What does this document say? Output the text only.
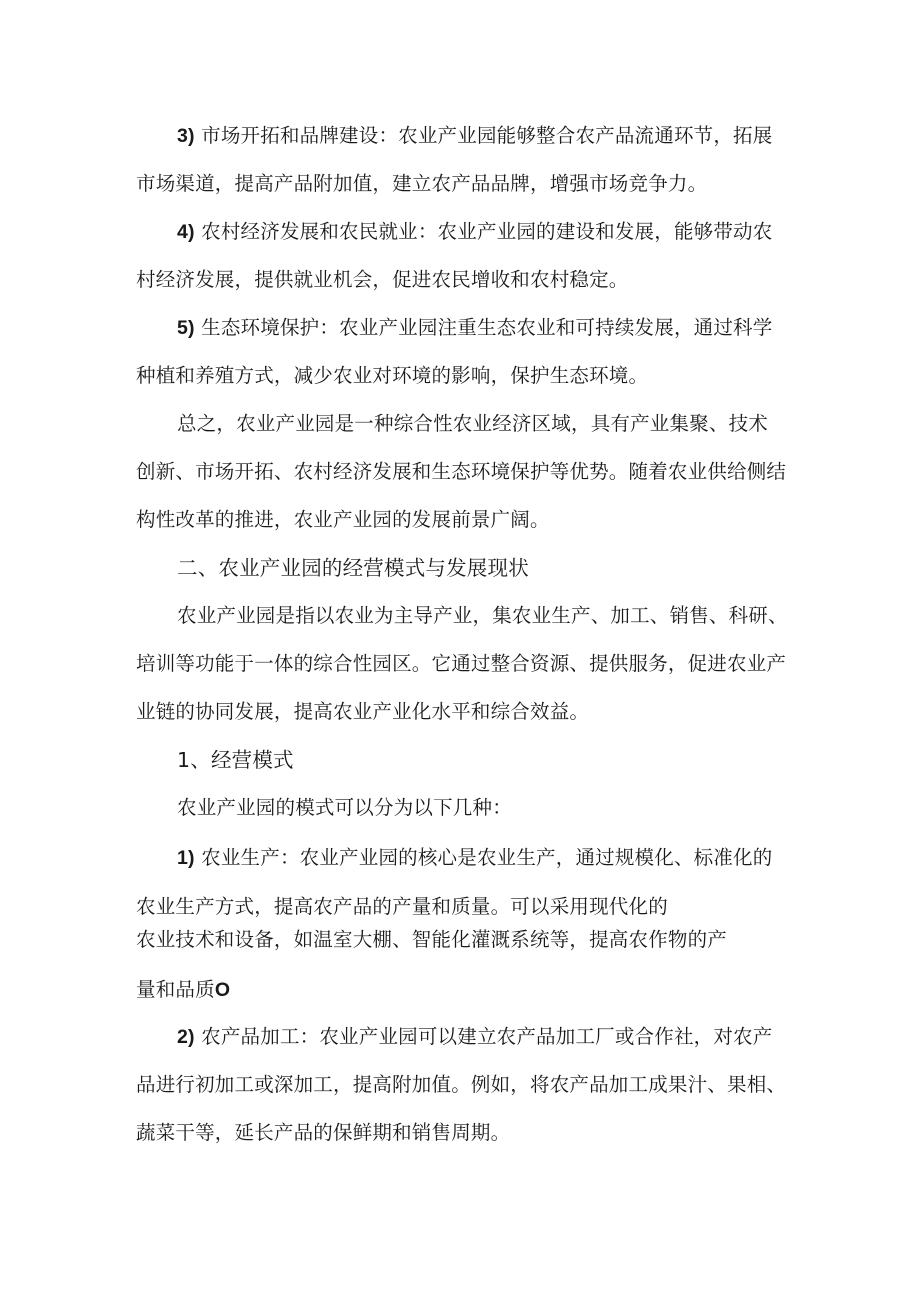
3) 市场开拓和品牌建设：农业产业园能够整合农产品流通环节，拓展
市场渠道，提高产品附加值，建立农产品品牌，增强市场竞争力。
4) 农村经济发展和农民就业：农业产业园的建设和发展，能够带动农
村经济发展，提供就业机会，促进农民增收和农村稳定。
5) 生态环境保护：农业产业园注重生态农业和可持续发展，通过科学
种植和养殖方式，减少农业对环境的影响，保护生态环境。
总之，农业产业园是一种综合性农业经济区域，具有产业集聚、技术
创新、市场开拓、农村经济发展和生态环境保护等优势。随着农业供给侧结
构性改革的推进，农业产业园的发展前景广阔。
二、农业产业园的经营模式与发展现状
农业产业园是指以农业为主导产业，集农业生产、加工、销售、科研、
培训等功能于一体的综合性园区。它通过整合资源、提供服务，促进农业产
业链的协同发展，提高农业产业化水平和综合效益。
1、经营模式
农业产业园的模式可以分为以下几种：
1) 农业生产：农业产业园的核心是农业生产，通过规模化、标准化的
农业生产方式，提高农产品的产量和质量。可以采用现代化的
农业技术和设备，如温室大棚、智能化灌溉系统等，提高农作物的产
量和品质O
2) 农产品加工：农业产业园可以建立农产品加工厂或合作社，对农产
品进行初加工或深加工，提高附加值。例如，将农产品加工成果汁、果相、
蔬菜干等，延长产品的保鲜期和销售周期。
